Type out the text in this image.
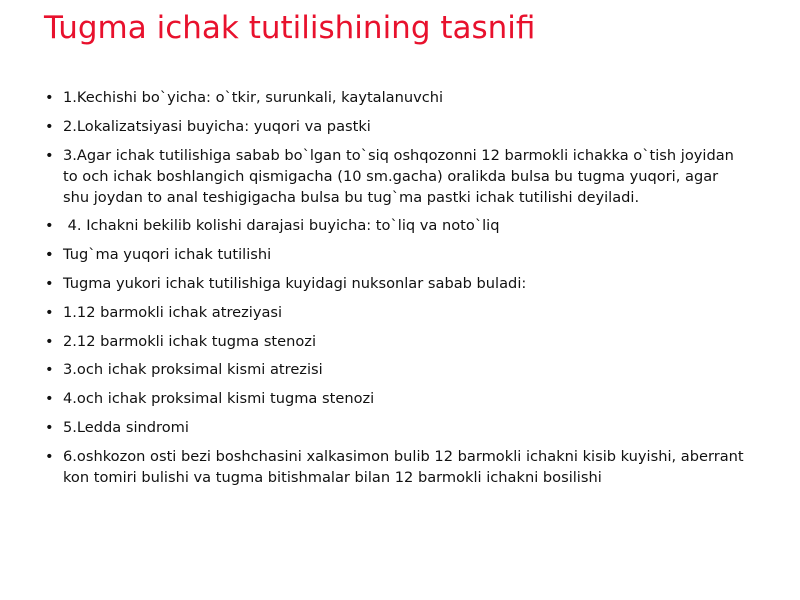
Tugma ichak tutilishining tasnifi
• 1.Kechishi bo`yicha: o`tkir, surunkali, kaytalanuvchi
• 2.Lokalizatsiyasi buyicha: yuqori va pastki
• 3.Agar ichak tutilishiga sabab bo`lgan to`siq oshqozonni 12 barmokli ichakka o`tish joyidan to och ichak boshlangich qismigacha (10 sm.gacha) oralikda bulsa bu tugma yuqori, agar shu joydan to anal teshigigacha bulsa bu tug`ma pastki ichak tutilishi deyiladi.
•  4. Ichakni bekilib kolishi darajasi buyicha: to`liq va noto`liq
• Tug`ma yuqori ichak tutilishi
• Tugma yukori ichak tutilishiga kuyidagi nuksonlar sabab buladi:
• 1.12 barmokli ichak atreziyasi
• 2.12 barmokli ichak tugma stenozi
• 3.och ichak proksimal kismi atrezisi
• 4.och ichak proksimal kismi tugma stenozi
• 5.Ledda sindromi
• 6.oshkozon osti bezi boshchasini xalkasimon bulib 12 barmokli ichakni kisib kuyishi, aberrant kon tomiri bulishi va tugma bitishmalar bilan 12 barmokli ichakni bosilishi
